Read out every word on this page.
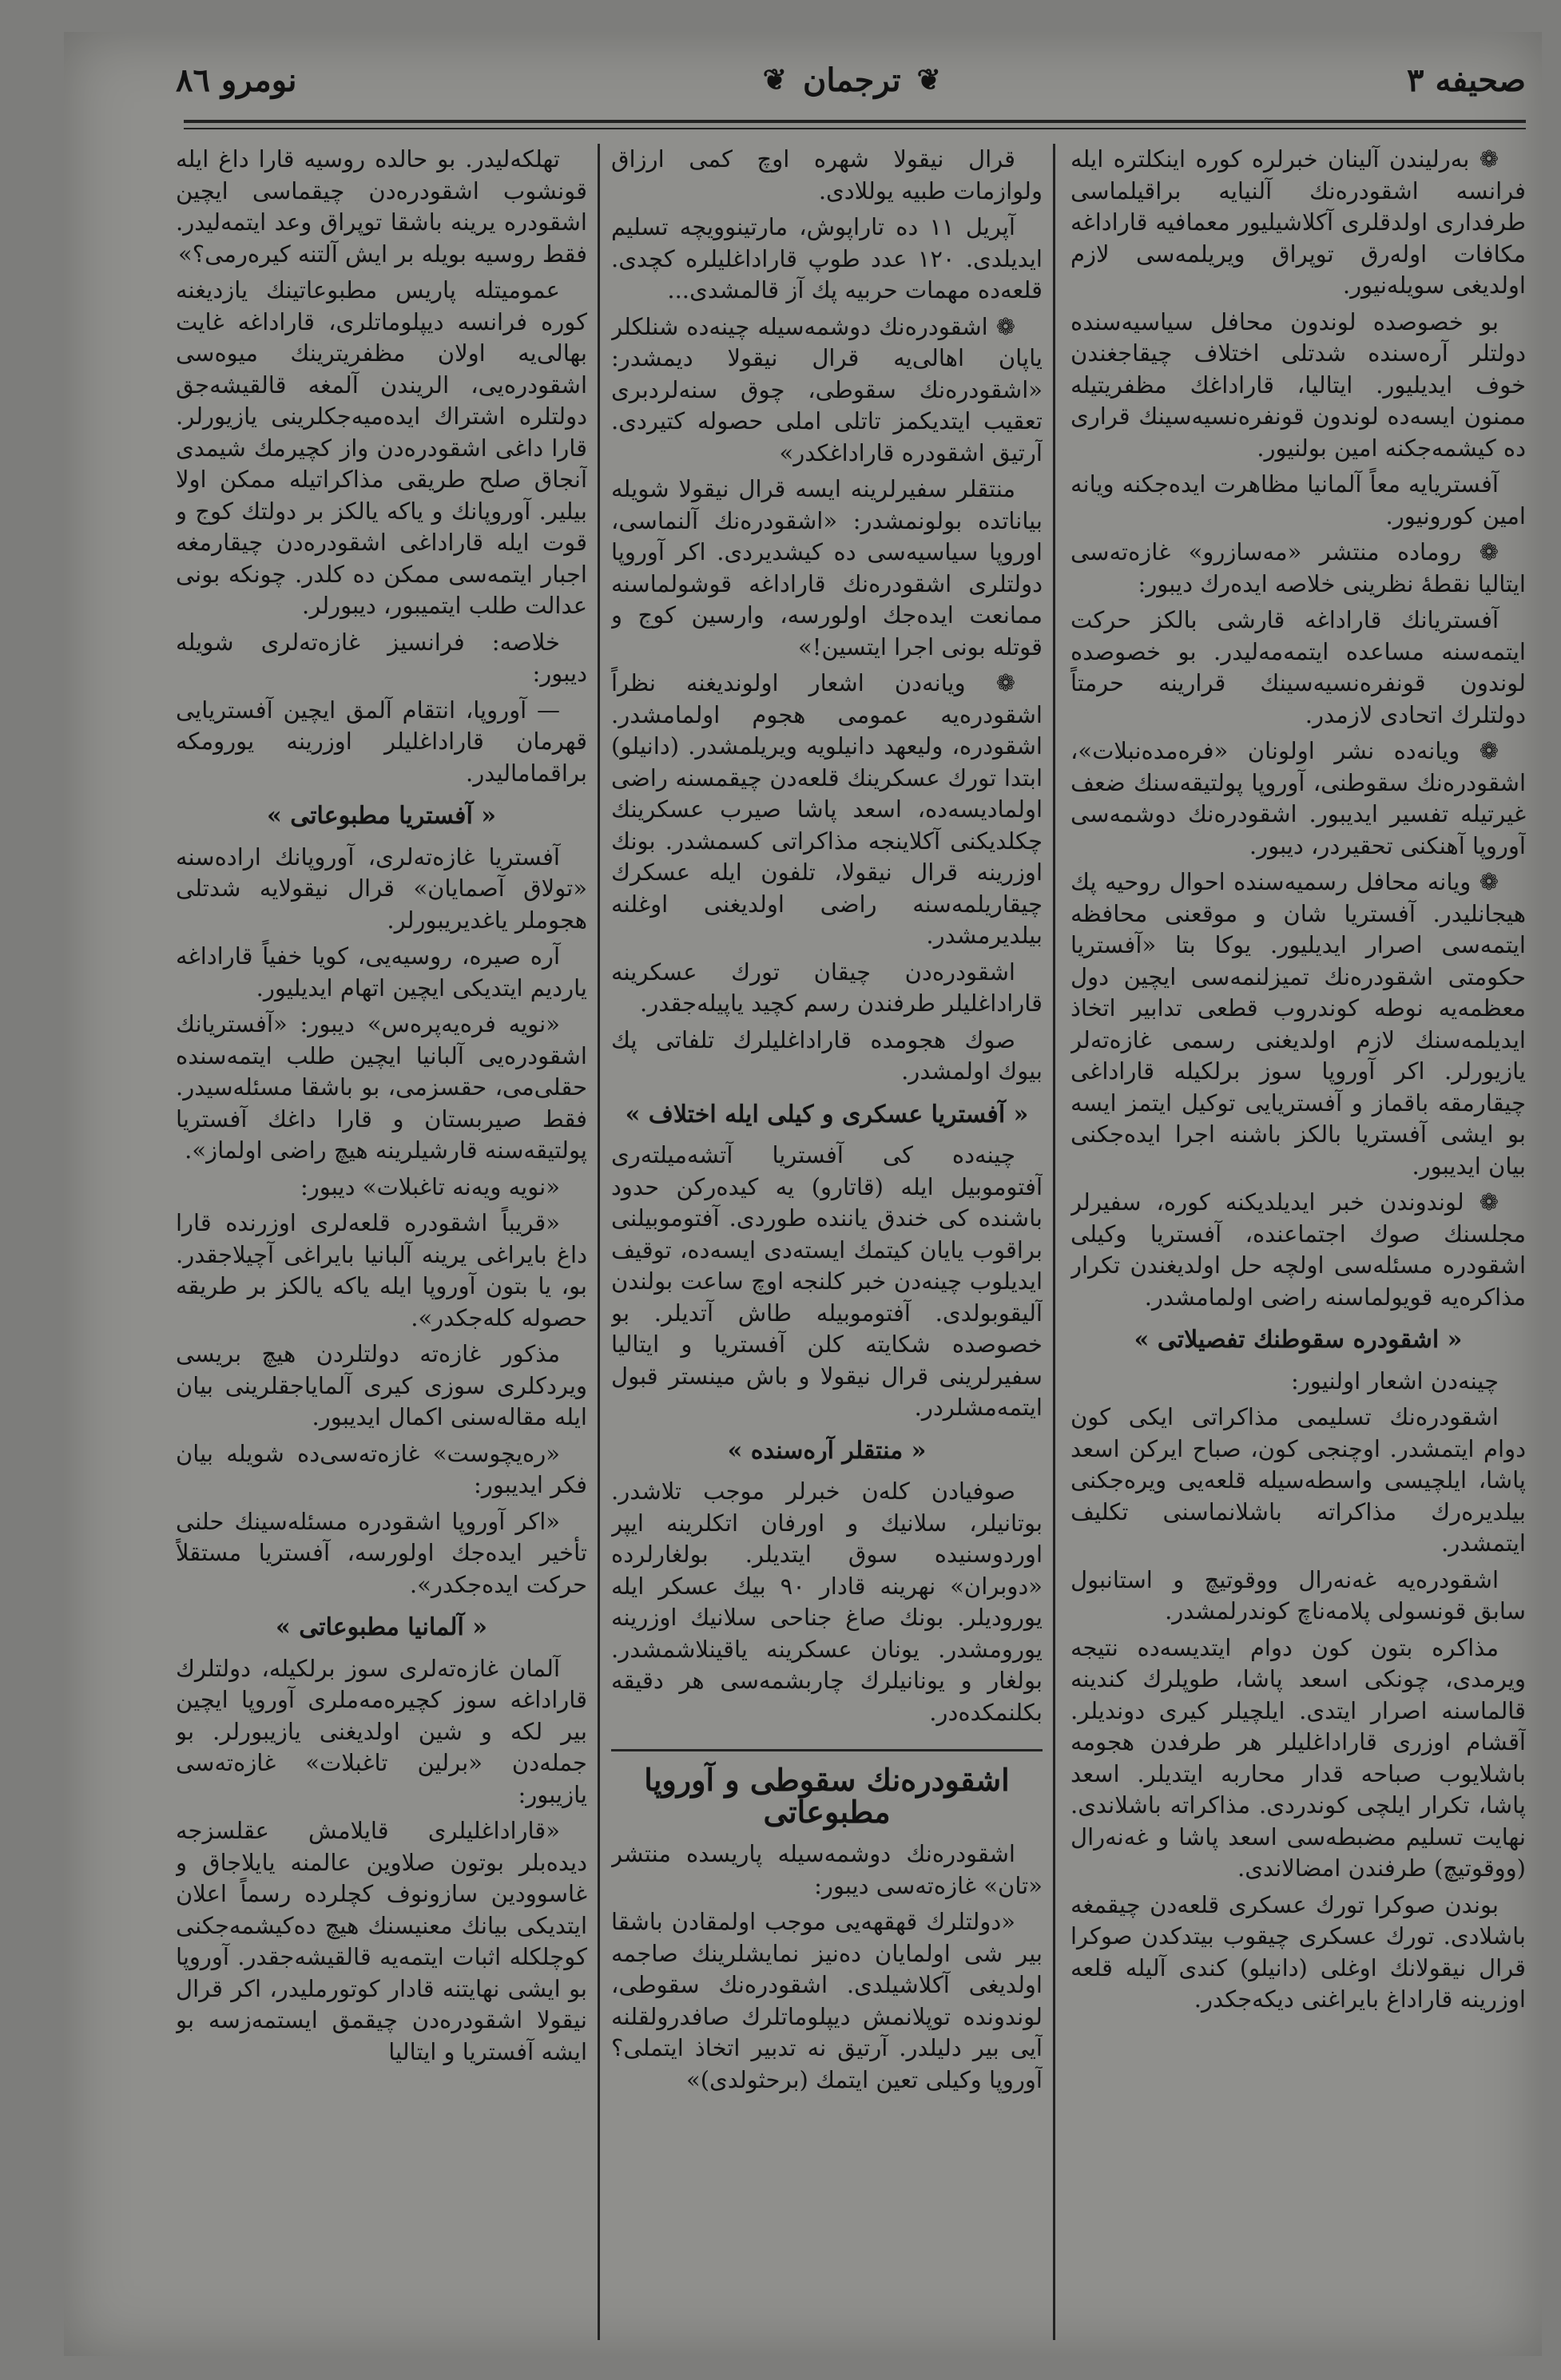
صحیفه ٣
❦
ترجمان
❦
نومرو ٨٦

❁ بەرلیندن آلینان خبرلره کوره اینکلتره ایله فرانسه اشقودرەنك آلنیایه براقیلماسی طرفداری اولدقلری آکلاشیلیور معمافیه قاراداغه مکافات اولەرق توپراق ویریلمەسی لازم اولدیغی سویلەنیور.

بو خصوصده لوندون محافل سیاسیەسنده دولتلر آرەسنده شدتلی اختلاف چیقاجغندن خوف ایدیلیور. ایتالیا، قاراداغك مظفریتیله ممنون ایسه‌ده لوندون قونفرەنسیەسینك قراری ده کیشمه‌جکنه امین بولنیور.

آفستریایه معاً آلمانیا مظاهرت ایده‌جکنه ویانه امین کورونیور.

❁ رومادە منتشر «مەسازرو» غازەتەسی ایتالیا نقطۀ نظرینی خلاصه ایدەرك دیبور:

آفستریانك قاراداغه قارشی بالکز حرکت ایتمەسنه مساعده ایتمەمەلیدر. بو خصوصده لوندون قونفرەنسیەسینك قرارینه حرمتاً دولتلرك اتحادی لازمدر.

❁ ویانەدە نشر اولونان «فرەمدەنبلات»، اشقودرەنك سقوطنی، آوروپا پولتیقەسنك ضعف غیرتیله تفسیر ایدیبور. اشقودرەنك دوشمەسی آوروپا آهنکنی تحقیردر، دیبور.

❁ ویانه محافل رسمیەسنده احوال روحیه پك هیجانلیدر. آفستریا شان و موقعنی محافظه ایتمەسی اصرار ایدیلیور. یوکا بتا «آفستریا حکومتی اشقودرەنك تمیزلنمەسی ایچین دول معظمەیه نوطه کوندروب قطعی تدابیر اتخاذ ایدیلمەسنك لازم اولدیغنی رسمی غازەتەلر یازیورلر. اکر آوروپا سوز برلکیله قاراداغی چیقارمقه باقماز و آفستریایی توکیل ایتمز ایسه بو ایشی آفستریا بالکز باشنه اجرا ایده‌جکنی بیان ایدیبور.

❁ لوندوندن خبر ایدیلدیکنه کوره، سفیرلر مجلسنك صوك اجتماعنده، آفستریا وکیلی اشقودره مسئلەسی اولچه حل اولدیغندن تکرار مذاکرەیه قویولماسنه راضی اولمامشدر.

« اشقودره سقوطنك تفصیلاتی »

چینەدن اشعار اولنیور:

اشقودرەنك تسلیمی مذاکراتی ایکی کون دوام ایتمشدر. اوچنجی کون، صباح ایرکن اسعد پاشا، ایلچیسی واسطەسیله قلعەیی ویرەجکنی بیلدیرەرك مذاکراته باشلانماسنی تکلیف ایتمشدر.

اشقودرەیه غەنەرال ووقوتیچ و استانبول سابق قونسولی پلامەناچ کوندرلمشدر.

مذاکره بتون کون دوام ایتدیسه‌ده نتیجه ویرمدی، چونکی اسعد پاشا، طوپلرك کندینه قالماسنه اصرار ایتدی. ایلچیلر کیری دوندیلر. آقشام اوزری قاراداغلیلر هر طرفدن هجومه باشلایوب صباحه قدار محاربه ایتدیلر. اسعد پاشا، تکرار ایلچی کوندردی. مذاکراته باشلاندی. نهایت تسلیم مضبطەسی اسعد پاشا و غەنەرال (ووقوتیچ) طرفندن امضالاندی.

بوندن صوکرا تورك عسکری قلعەدن چیقمغه باشلادی. تورك عسکری چیقوب بیتدکدن صوکرا قرال نیقولانك اوغلی (دانیلو) کندی آلیله قلعه اوزرینه قاراداغ بایراغنی دیکه‌جکدر.

قرال نیقولا شهره اوچ کمی ارزاق ولوازمات طبیه یوللادی.

آپریل ۱۱ ده تاراپوش، مارتینوویچه تسلیم ایدیلدی. ۱۲۰ عدد طوپ قاراداغلیلره کچدی. قلعەدە مهمات حربیه پك آز قالمشدی...

❁ اشقودرەنك دوشمەسیله چینەدە شنلکلر یاپان اهالی‌یه قرال نیقولا دیمشدر: «اشقودرەنك سقوطی، چوق سنەلردبری تعقیب ایتدیکمز تاتلی املی حصوله کتیردی. آرتیق اشقودره قاراداغکدر»

منتقلر سفیرلرینه ایسه قرال نیقولا شویله بیاناتده بولونمشدر: «اشقودرەنك آلنماسی، اوروپا سیاسیەسی ده کیشدیردی. اکر آوروپا دولتلری اشقودرەنك قاراداغه قوشولماسنه ممانعت ایده‌جك اولورسه، وارسین کوج و قوتله بونی اجرا ایتسین!»

❁ ویانەدن اشعار اولوندیغنه نظراً اشقودرەیه عمومی هجوم اولمامشدر. اشقودرە، ولیعهد دانیلویه ویریلمشدر. (دانیلو) ابتدا تورك عسکرینك قلعەدن چیقمسنه راضی اولمادیسەدە، اسعد پاشا صیرب عسکرینك چکلدیکنی آکلاینجه مذاکراتی کسمشدر. بونك اوزرینه قرال نیقولا، تلفون ایله عسکرك چیقاریلمەسنه راضی اولدیغنی اوغلنه بیلدیرمشدر.

اشقودرەدن چیقان تورك عسکرینه قاراداغلیلر طرفندن رسم کچید یاپیله‌جقدر.

صوك هجومده قاراداغلیلرك تلفاتی پك بیوك اولمشدر.

« آفستریا عسکری و کیلی ایله اختلاف »

چینەدە کی آفستریا آتشەمیلتەری آفتوموبیل ایله (قاتارو) یه کیدەرکن حدود باشنده کی خندق یاننده طوردی. آفتوموبیلنی براقوب یایان کیتمك ایستەدی ایسەده، توقیف ایدیلوب چینەدن خبر کلنجه اوچ ساعت بولندن آلیقوبولدی. آفتوموبیله طاش آتدیلر. بو خصوصده شکایته کلن آفستریا و ایتالیا سفیرلرینی قرال نیقولا و باش مینستر قبول ایتمەمشلردر.

« منتقلر آرەسنده »

صوفیادن کلەن خبرلر موجب تلاشدر. بوتانیلر، سلانیك و اورفان اتکلرینه ایپر اوردوسنیدە سوق ایتدیلر. بولغارلردە «دوبران» نهرینه قادار ۹۰ بیك عسکر ایله یورودیلر. بونك صاغ جناحی سلانیك اوزرینه یورومشدر. یونان عسکرینه یاقینلاشمشدر. بولغار و یونانیلرك چاربشمەسی هر دقیقه بکلنمکدەدر.

اشقودرەنك سقوطی و آوروپا مطبوعاتی

اشقودرەنك دوشمەسیله پاریسدە منتشر «تان» غازەتەسی دیبور:

«دولتلرك قهقهەیی موجب اولمقادن باشقا بیر شی اولمایان دەنیز نمایشلرینك صاجمه اولدیغی آکلاشیلدی. اشقودرەنك سقوطی، لوندوندە توپلانمش دیپلوماتلرك صافدرولقلنه آیی بیر دلیلدر. آرتیق نه تدبیر اتخاذ ایتملی؟ آوروپا وکیلی تعین ایتمك (برحثولدی)»

تهلکەلیدر. بو حالده روسیه قارا داغ ایله قونشوب اشقودرەدن چیقماسی ایچین اشقودره یرینه باشقا توپراق وعد ایتمەلیدر. فقط روسیه بویله بر ایش آلتنه کیرەرمی؟»

عمومیتله پاریس مطبوعاتینك یازدیغنه کوره فرانسه دیپلوماتلری، قاراداغه غایت بهالی‌یه اولان مظفریترینك میوەسی اشقودرەیی، الریندن آلمغه قالقیشەجق دولتلره اشتراك ایدەمیەجکلرینی یازیورلر. قارا داغی اشقودرەدن واز کچیرمك شیمدی آنجاق صلح طریقی مذاکراتیله ممکن اولا بیلیر. آوروپانك و یاکه یالکز بر دولتك کوج و قوت ایله قاراداغی اشقودرەدن چیقارمغه اجبار ایتمەسی ممکن ده کلدر. چونکه بونی عدالت طلب ایتمیبور، دیبورلر.

خلاصه: فرانسیز غازەتەلری شویله دیبور:

— آوروپا، انتقام آلمق ایچین آفستریایی قهرمان قاراداغلیلر اوزرینه یورومکه براقمامالیدر.

« آفستریا مطبوعاتی »

آفستریا غازەتەلری، آوروپانك ارادەسنه «تولاق آصمایان» قرال نیقولایه شدتلی هجوملر یاغدیریبورلر.

آره صیرە، روسیەیی، کویا خفیاً قاراداغه یاردیم ایتدیکی ایچین اتهام ایدیلیور.

«نویه فرەیەپرەس» دیبور: «آفستریانك اشقودرەیی آلبانیا ایچین طلب ایتمەسنده حقلی‌می، حقسزمی، بو باشقا مسئلەسیدر. فقط صیربستان و قارا داغك آفستریا پولتیقەسنه قارشیلرینه هیچ راضی اولماز».

«نویه ویەنه تاغبلات» دیبور:

«قریباً اشقودره قلعەلری اوزرندە قارا داغ بایراغی یرینه آلبانیا بایراغی آچیلاجقدر. بو، یا بتون آوروپا ایله یاکه یالکز بر طریقه حصوله کله‌جکدر».

مذکور غازەتە دولتلردن هیچ بریسی ویردکلری سوزی کیری آلمایاجقلرینی بیان ایله مقالەسنی اکمال ایدیبور.

«ره‌یچوست» غازەتەسی‌ده شویله بیان فکر ایدیبور:

«اکر آوروپا اشقودره مسئلەسینك حلنی تأخیر ایده‌جك اولورسه، آفستریا مستقلاً حرکت ایده‌جکدر».

« آلمانیا مطبوعاتی »

آلمان غازەتەلری سوز برلکیله، دولتلرك قاراداغه سوز کچیرەمەملری آوروپا ایچین بیر لکه و شین اولدیغنی یازیبورلر. بو جملەدن «برلین تاغبلات» غازەتەسی یازیبور:

«قاراداغلیلری قایلامش عقلسزجه دیدەبلر بوتون صلاوین عالمنه یایلاجاق و غاسوودین سازونوف کچلرده رسماً اعلان ایتدیکی بیانك معنیسنك هیچ ده‌کیشمه‌جکنی کوچلکله اثبات ایتمەیه قالقیشەجقدر. آوروپا بو ایشی نهایتنه قادار کوتورملیدر، اکر قرال نیقولا اشقودرەدن چیقمق ایستمەزسه بو ایشه آفستریا و ایتالیا
